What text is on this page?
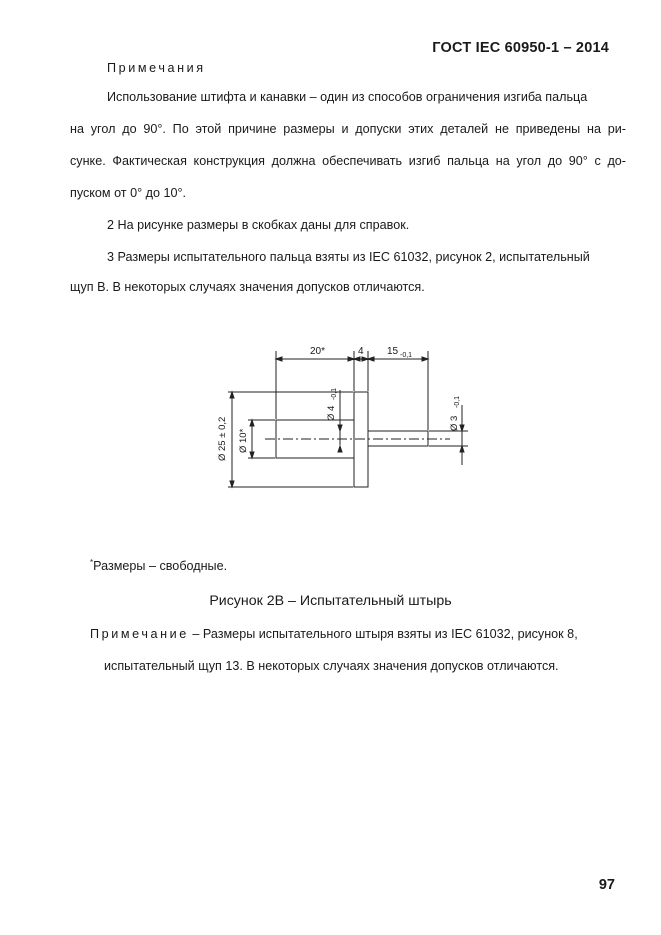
ГОСТ IEC 60950-1 – 2014
Примечания
Использование штифта и канавки – один из способов ограничения изгиба пальца
на угол до 90°. По этой причине размеры и допуски этих деталей не приведены на ри-
сунке. Фактическая конструкция должна обеспечивать изгиб пальца на угол до 90° с до-
пуском от 0° до 10°.
2 На рисунке размеры в скобках даны для справок.
3 Размеры испытательного пальца взяты из IEC 61032, рисунок 2, испытательный
щуп В. В некоторых случаях значения допусков отличаются.
20*	4 15 -0,1
Ø 4
-0,1
Ø 25 ± 0,2 Ø 10*
Ø 3
-0,1
*Размеры – свободные.
Рисунок 2В – Испытательный штырь
Примечание – Размеры испытательного штыря взяты из IEC 61032, рисунок 8,
испытательный щуп 13. В некоторых случаях значения допусков отличаются.
97
